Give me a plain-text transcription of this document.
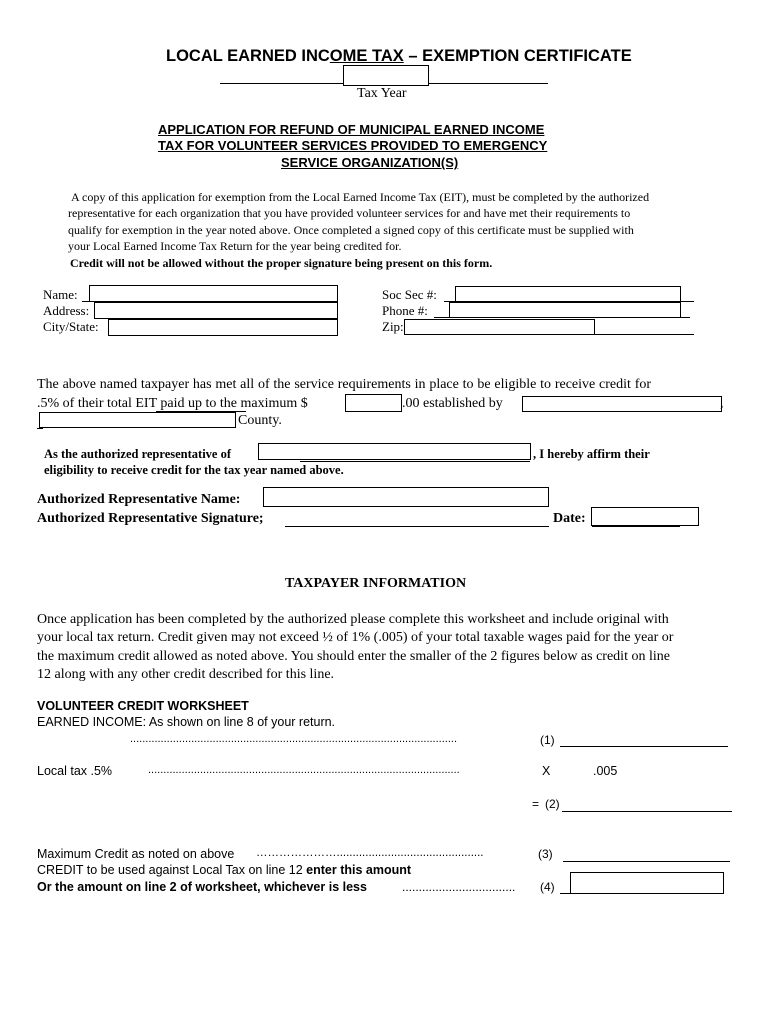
LOCAL EARNED INCOME TAX – EXEMPTION CERTIFICATE
Tax Year
APPLICATION FOR REFUND OF MUNICIPAL EARNED INCOME
TAX FOR VOLUNTEER SERVICES PROVIDED TO EMERGENCY
SERVICE ORGANIZATION(S)
A copy of this application for exemption from the Local Earned Income Tax (EIT), must be completed by the authorized
representative for each organization that you have provided volunteer services for and have met their requirements to
qualify for exemption in the year noted above. Once completed a signed copy of this certificate must be supplied with
your Local Earned Income Tax Return for the year being credited for.
Credit will not be allowed without the proper signature being present on this form.
Name:
Address:
City/State:
Soc Sec #:
Phone #:
Zip:
The above named taxpayer has met all of the service requirements in place to be eligible to receive credit for
.5% of their total EIT paid up to the maximum $	.00 established by	,
County.
As the authorized representative of	, I hereby affirm their
eligibility to receive credit for the tax year named above.
Authorized Representative Name:
Authorized Representative Signature;	Date:
TAXPAYER INFORMATION
Once application has been completed by the authorized please complete this worksheet and include original with
your local tax return. Credit given may not exceed ½ of 1% (.005) of your total taxable wages paid for the year or
the maximum credit allowed as noted above. You should enter the smaller of the 2 figures below as credit on line
12 along with any other credit described for this line.
VOLUNTEER CREDIT WORKSHEET
EARNED INCOME: As shown on line 8 of your return.
...........................................................................................................	(1)
Local tax .5%	......................................................................................................	X	.005
= (2)
Maximum Credit as noted on above …………………..............................................	(3)
CREDIT to be used against Local Tax on line 12 enter this amount
Or the amount on line 2 of worksheet, whichever is less	.................................. (4)
